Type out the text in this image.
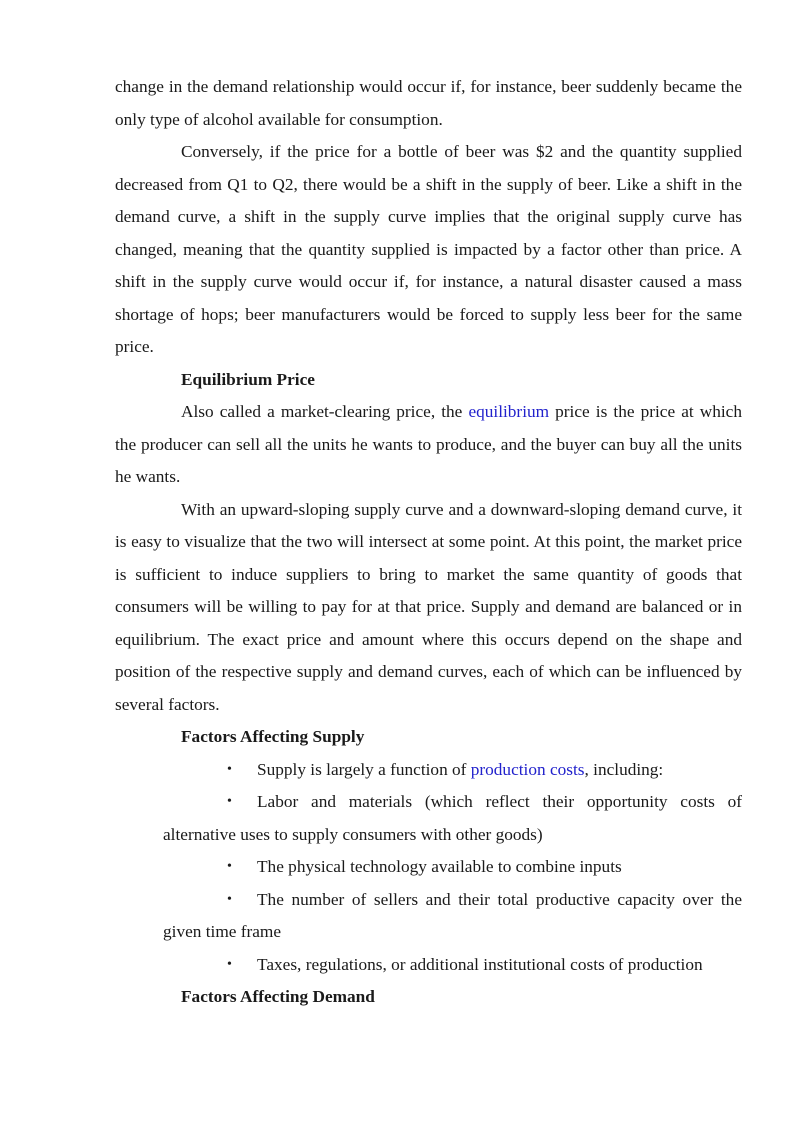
change in the demand relationship would occur if, for instance, beer suddenly became the only type of alcohol available for consumption.

Conversely, if the price for a bottle of beer was $2 and the quantity supplied decreased from Q1 to Q2, there would be a shift in the supply of beer. Like a shift in the demand curve, a shift in the supply curve implies that the original supply curve has changed, meaning that the quantity supplied is impacted by a factor other than price. A shift in the supply curve would occur if, for instance, a natural disaster caused a mass shortage of hops; beer manufacturers would be forced to supply less beer for the same price.

Equilibrium Price

Also called a market-clearing price, the equilibrium price is the price at which the producer can sell all the units he wants to produce, and the buyer can buy all the units he wants.

With an upward-sloping supply curve and a downward-sloping demand curve, it is easy to visualize that the two will intersect at some point. At this point, the market price is sufficient to induce suppliers to bring to market the same quantity of goods that consumers will be willing to pay for at that price. Supply and demand are balanced or in equilibrium. The exact price and amount where this occurs depend on the shape and position of the respective supply and demand curves, each of which can be influenced by several factors.

Factors Affecting Supply

•	Supply is largely a function of production costs, including:

•	Labor and materials (which reflect their opportunity costs of alternative uses to supply consumers with other goods)

•	The physical technology available to combine inputs

•	The number of sellers and their total productive capacity over the given time frame

•	Taxes, regulations, or additional institutional costs of production

Factors Affecting Demand
